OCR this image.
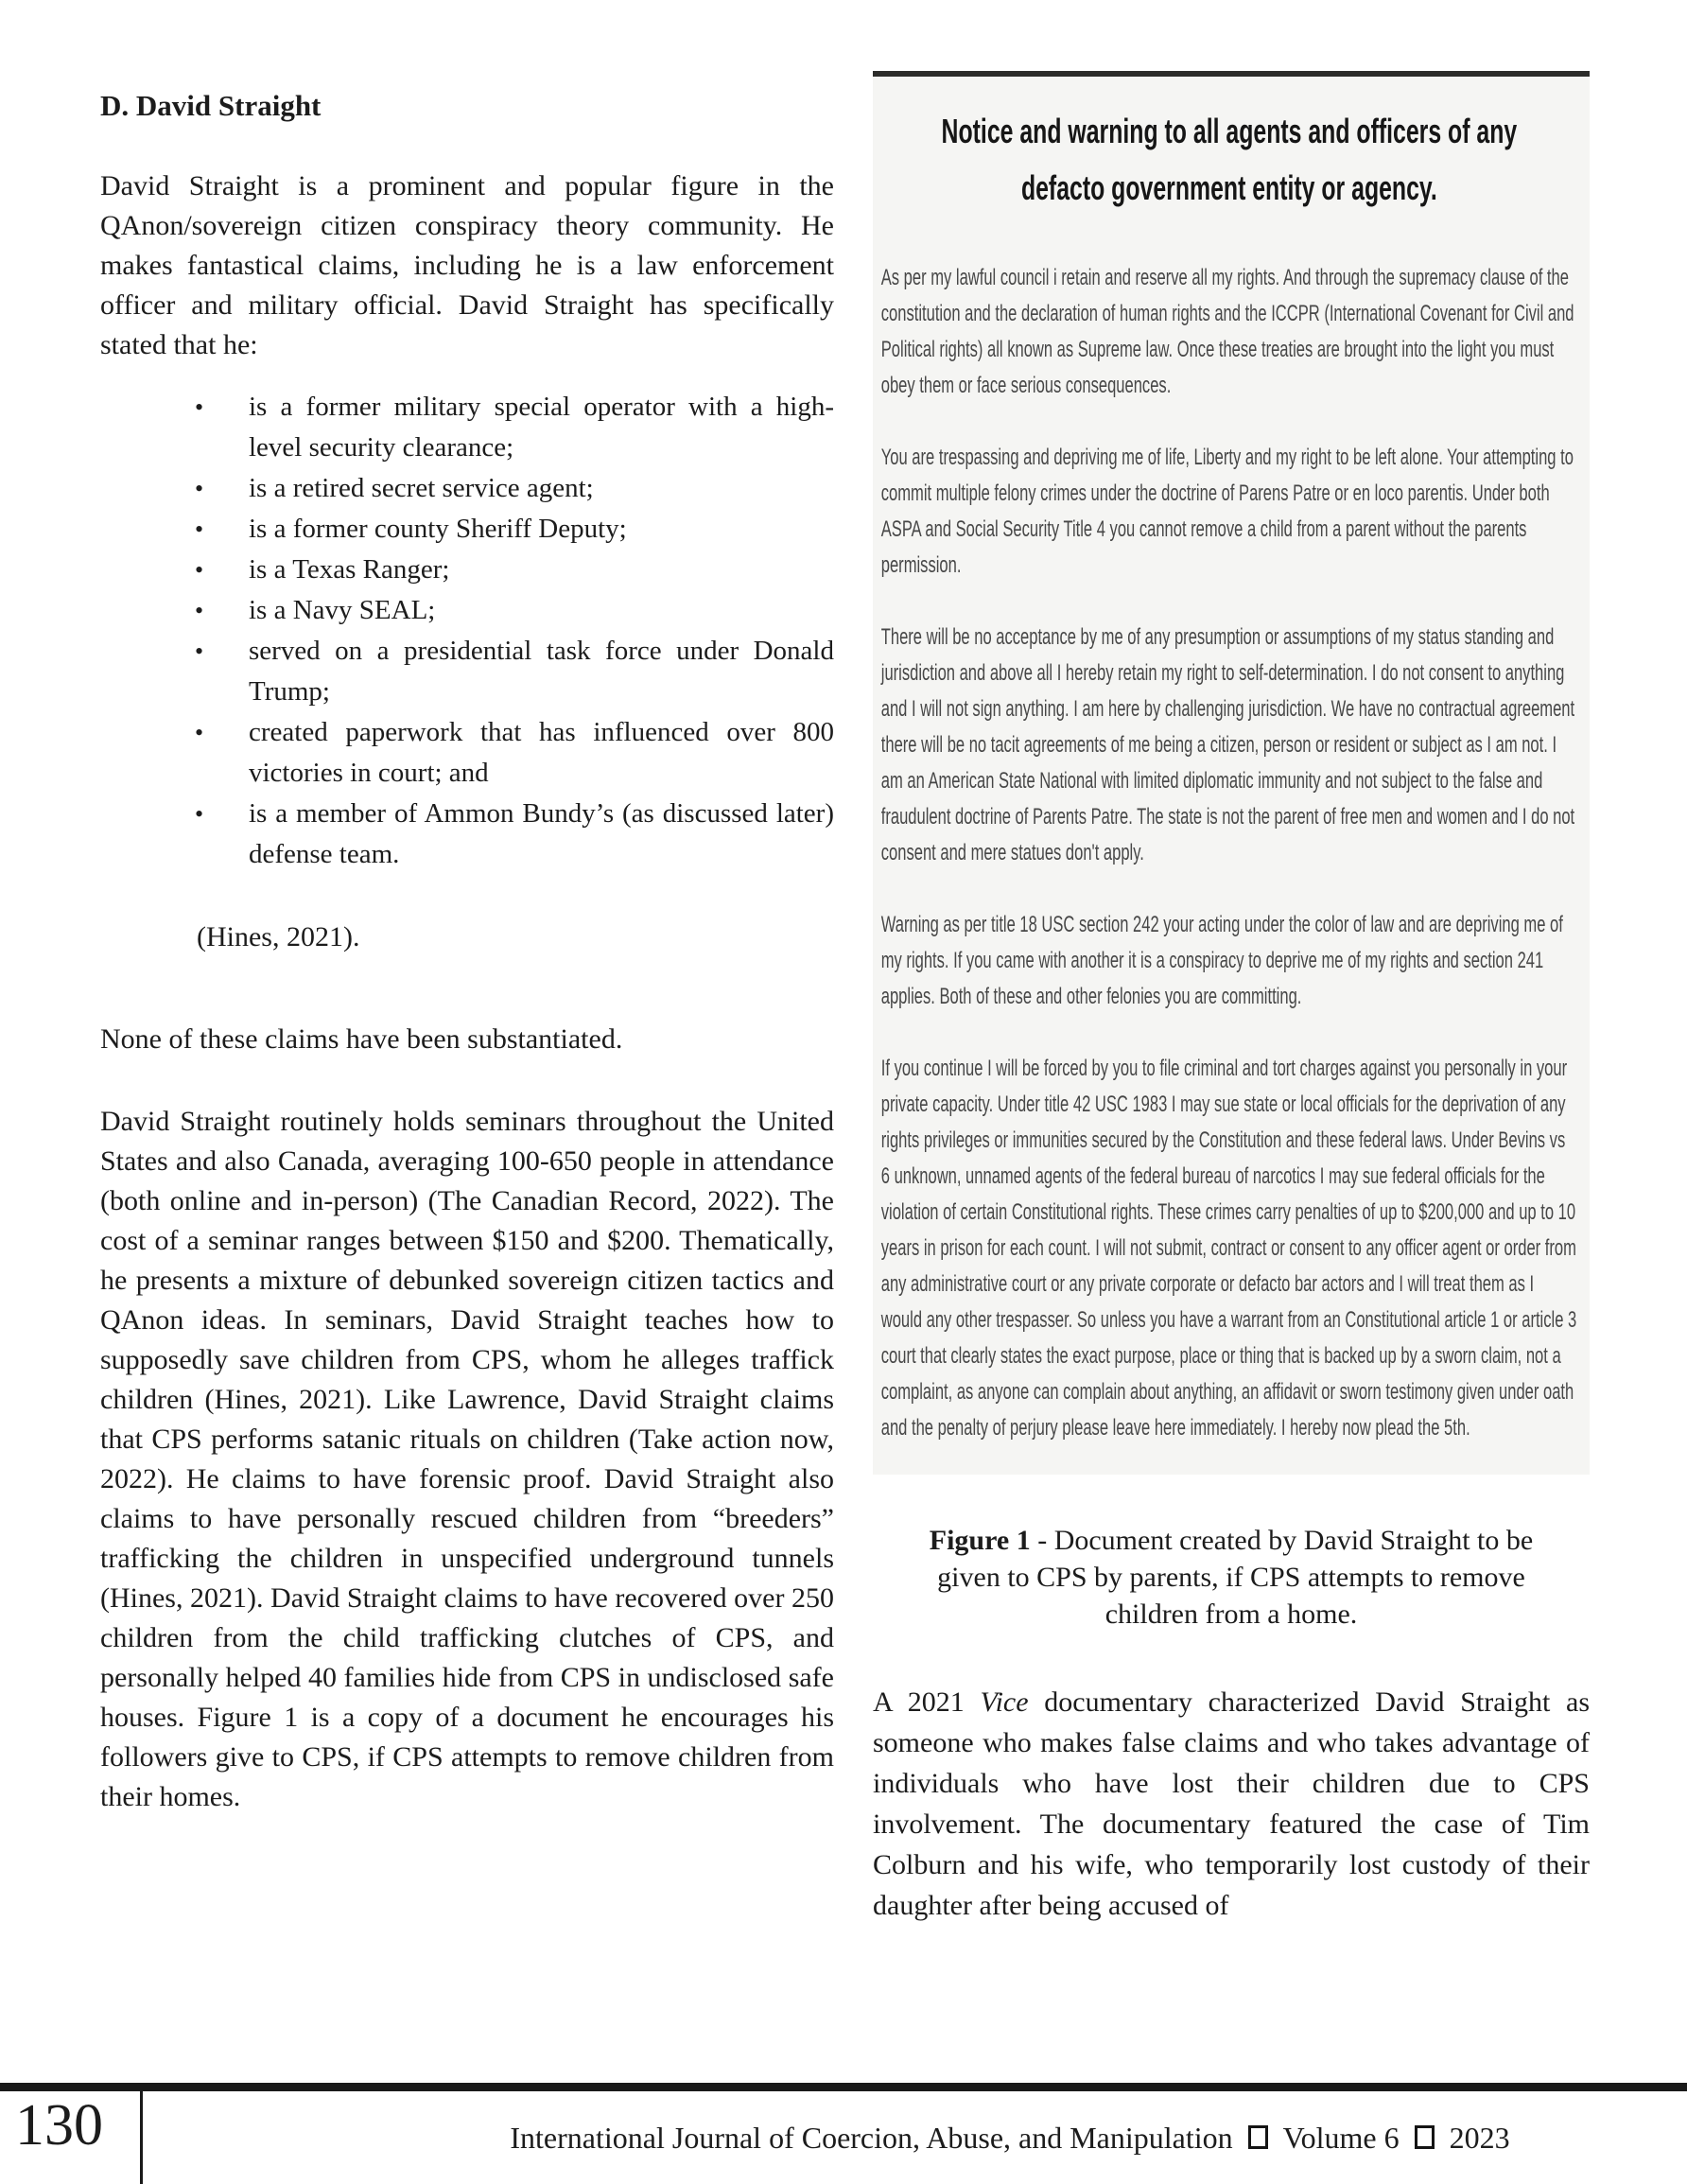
D. David Straight

David Straight is a prominent and popular figure in the QAnon/sovereign citizen conspiracy theory community. He makes fantastical claims, including he is a law enforcement officer and military official. David Straight has specifically stated that he:

• is a former military special operator with a high-level security clearance;
• is a retired secret service agent;
• is a former county Sheriff Deputy;
• is a Texas Ranger;
• is a Navy SEAL;
• served on a presidential task force under Donald Trump;
• created paperwork that has influenced over 800 victories in court; and
• is a member of Ammon Bundy’s (as discussed later) defense team.

(Hines, 2021).

None of these claims have been substantiated.

David Straight routinely holds seminars throughout the United States and also Canada, averaging 100-650 people in attendance (both online and in-person) (The Canadian Record, 2022). The cost of a seminar ranges between $150 and $200. Thematically, he presents a mixture of debunked sovereign citizen tactics and QAnon ideas. In seminars, David Straight teaches how to supposedly save children from CPS, whom he alleges traffick children (Hines, 2021). Like Lawrence, David Straight claims that CPS performs satanic rituals on children (Take action now, 2022). He claims to have forensic proof. David Straight also claims to have personally rescued children from “breeders” trafficking the children in unspecified underground tunnels (Hines, 2021). David Straight claims to have recovered over 250 children from the child trafficking clutches of CPS, and personally helped 40 families hide from CPS in undisclosed safe houses. Figure 1 is a copy of a document he encourages his followers give to CPS, if CPS attempts to remove children from their homes.

Notice and warning to all agents and officers of any defacto government entity or agency.

As per my lawful council i retain and reserve all my rights. And through the supremacy clause of the constitution and the declaration of human rights and the ICCPR (International Covenant for Civil and Political rights) all known as Supreme law. Once these treaties are brought into the light you must obey them or face serious consequences.

You are trespassing and depriving me of life, Liberty and my right to be left alone. Your attempting to commit multiple felony crimes under the doctrine of Parens Patre or en loco parentis. Under both ASPA and Social Security Title 4 you cannot remove a child from a parent without the parents permission.

There will be no acceptance by me of any presumption or assumptions of my status standing and jurisdiction and above all I hereby retain my right to self-determination. I do not consent to anything and I will not sign anything. I am here by challenging jurisdiction. We have no contractual agreement there will be no tacit agreements of me being a citizen, person or resident or subject as I am not. I am an American State National with limited diplomatic immunity and not subject to the false and fraudulent doctrine of Parents Patre. The state is not the parent of free men and women and I do not consent and mere statues don't apply.

Warning as per title 18 USC section 242 your acting under the color of law and are depriving me of my rights. If you came with another it is a conspiracy to deprive me of my rights and section 241 applies. Both of these and other felonies you are committing.

If you continue I will be forced by you to file criminal and tort charges against you personally in your private capacity. Under title 42 USC 1983 I may sue state or local officials for the deprivation of any rights privileges or immunities secured by the Constitution and these federal laws. Under Bevins vs 6 unknown, unnamed agents of the federal bureau of narcotics I may sue federal officials for the violation of certain Constitutional rights. These crimes carry penalties of up to $200,000 and up to 10 years in prison for each count. I will not submit, contract or consent to any officer agent or order from any administrative court or any private corporate or defacto bar actors and I will treat them as I would any other trespasser. So unless you have a warrant from an Constitutional article 1 or article 3 court that clearly states the exact purpose, place or thing that is backed up by a sworn claim, not a complaint, as anyone can complain about anything, an affidavit or sworn testimony given under oath and the penalty of perjury please leave here immediately. I hereby now plead the 5th.

Figure 1 - Document created by David Straight to be given to CPS by parents, if CPS attempts to remove children from a home.

A 2021 Vice documentary characterized David Straight as someone who makes false claims and who takes advantage of individuals who have lost their children due to CPS involvement. The documentary featured the case of Tim Colburn and his wife, who temporarily lost custody of their daughter after being accused of

130	International Journal of Coercion, Abuse, and Manipulation Volume 6 2023
